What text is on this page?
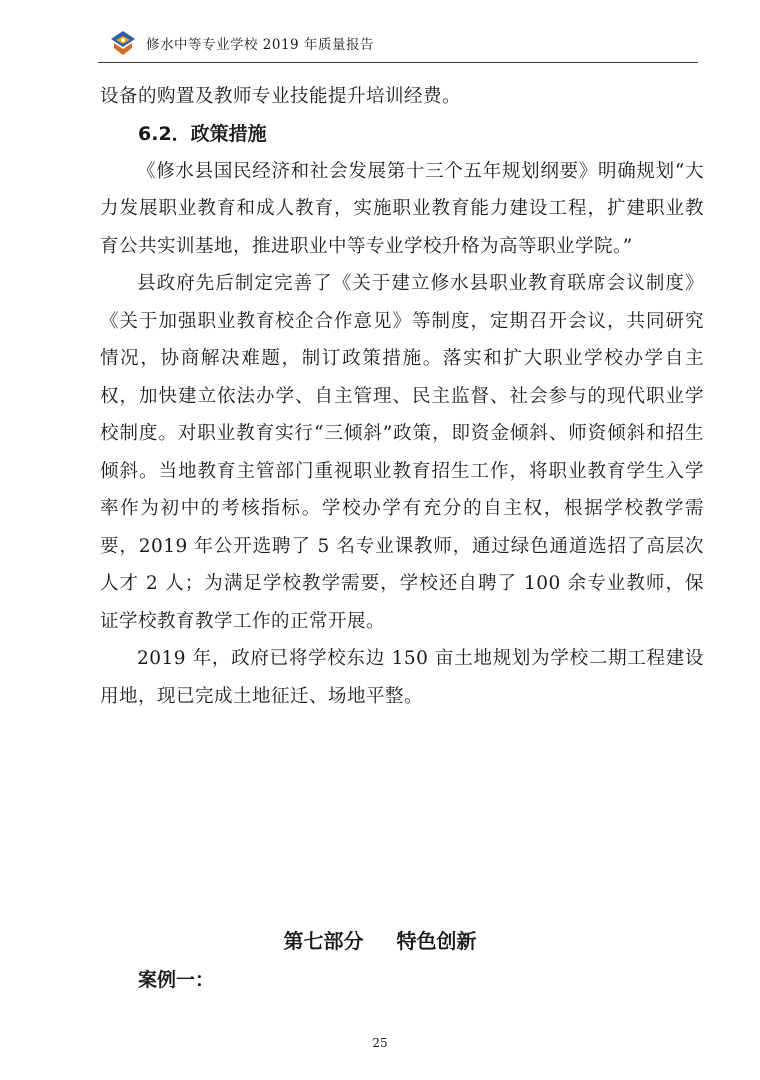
修水中等专业学校 2019 年质量报告

设备的购置及教师专业技能提升培训经费。

6.2．政策措施

《修水县国民经济和社会发展第十三个五年规划纲要》明确规划“大力发展职业教育和成人教育，实施职业教育能力建设工程，扩建职业教育公共实训基地，推进职业中等专业学校升格为高等职业学院。”

县政府先后制定完善了《关于建立修水县职业教育联席会议制度》《关于加强职业教育校企合作意见》等制度，定期召开会议，共同研究情况，协商解决难题，制订政策措施。落实和扩大职业学校办学自主权，加快建立依法办学、自主管理、民主监督、社会参与的现代职业学校制度。对职业教育实行“三倾斜”政策，即资金倾斜、师资倾斜和招生倾斜。当地教育主管部门重视职业教育招生工作，将职业教育学生入学率作为初中的考核指标。学校办学有充分的自主权，根据学校教学需要，2019 年公开选聘了 5 名专业课教师，通过绿色通道选招了高层次人才 2 人；为满足学校教学需要，学校还自聘了 100 余专业教师，保证学校教育教学工作的正常开展。

2019 年，政府已将学校东边 150 亩土地规划为学校二期工程建设用地，现已完成土地征迁、场地平整。

第七部分　 特色创新
案例一：
25
